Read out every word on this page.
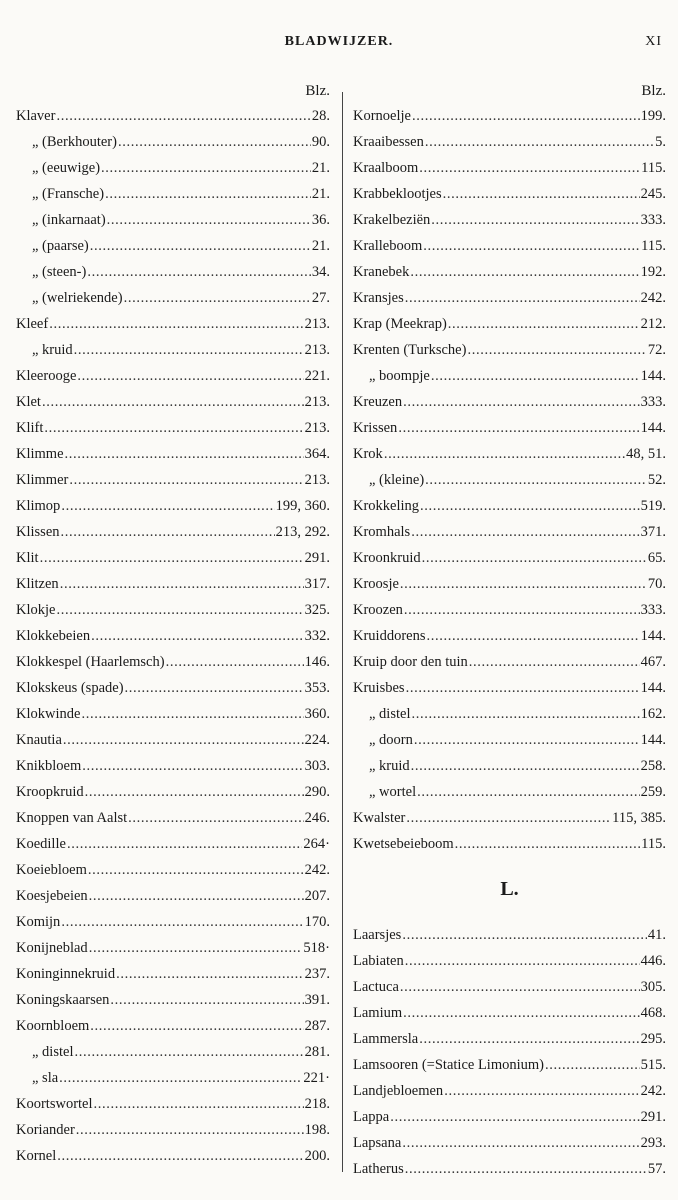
BLADWIJZER.	XI
Blz.
Klaver . . .	28.
„ (Berkhouter) . . .	90.
„ (eeuwige) . . .	21.
„ (Fransche) . . .	21.
„ (inkarnaat) . . .	36.
„ (paarse) . . .	21.
„ (steen-) . . .	34.
„ (welriekende) . . .	27.
Kleef . . .	213.
„ kruid . . .	213.
Kleerooge . . .	221.
Klet . . .	213.
Klift . . .	213.
Klimme . . .	364.
Klimmer . . .	213.
Klimop . . .	199, 360.
Klissen . . .	213, 292.
Klit . . .	291.
Klitzen . . .	317.
Klokje . . .	325.
Klokkebeien . . .	332.
Klokkespel (Haarlemsch) . . .	146.
Klokskeus (spade) . . .	353.
Klokwinde . . .	360.
Knautia . . .	224.
Knikbloem . . .	303.
Kroopkruid . . .	290.
Knoppen van Aalst . . .	246.
Koedille . . .	264·
Koeiebloem . . .	242.
Koesjebeien . . .	207.
Komijn . . .	170.
Konijneblad . . .	518·
Koninginnekruid . . .	237.
Koningskaarsen . . .	391.
Koornbloem . . .	287.
„ distel . . .	281.
„ sla . . .	221·
Koortswortel . . .	218.
Koriander . . .	198.
Kornel . . .	200.
Blz.
Kornoelje . . .	199.
Kraaibessen . . .	5.
Kraalboom . . .	115.
Krabbeklootjes . . .	245.
Krakelbeziën . . .	333.
Kralleboom . . .	115.
Kranebek . . .	192.
Kransjes . . .	242.
Krap (Meekrap) . . .	212.
Krenten (Turksche) . . .	72.
„ boompje . . .	144.
Kreuzen . . .	333.
Krissen . . .	144.
Krok . . .	48, 51.
„ (kleine) . . .	52.
Krokkeling . . .	519.
Kromhals . . .	371.
Kroonkruid . . .	65.
Kroosje . . .	70.
Kroozen . . .	333.
Kruiddorens . . .	144.
Kruip door den tuin . . .	467.
Kruisbes . . .	144.
„ distel . . .	162.
„ doorn . . .	144.
„ kruid . . .	258.
„ wortel . . .	259.
Kwalster . . .	115, 385.
Kwetsebeieboom . . .	115.
L.
Laarsjes . . .	41.
Labiaten . . .	446.
Lactuca . . .	305.
Lamium . . .	468.
Lammersla . . .	295.
Lamsooren (=Statice Limonium) . . .	515.
Landjebloemen . . .	242.
Lappa . . .	291.
Lapsana . . .	293.
Latherus . . .	57.
